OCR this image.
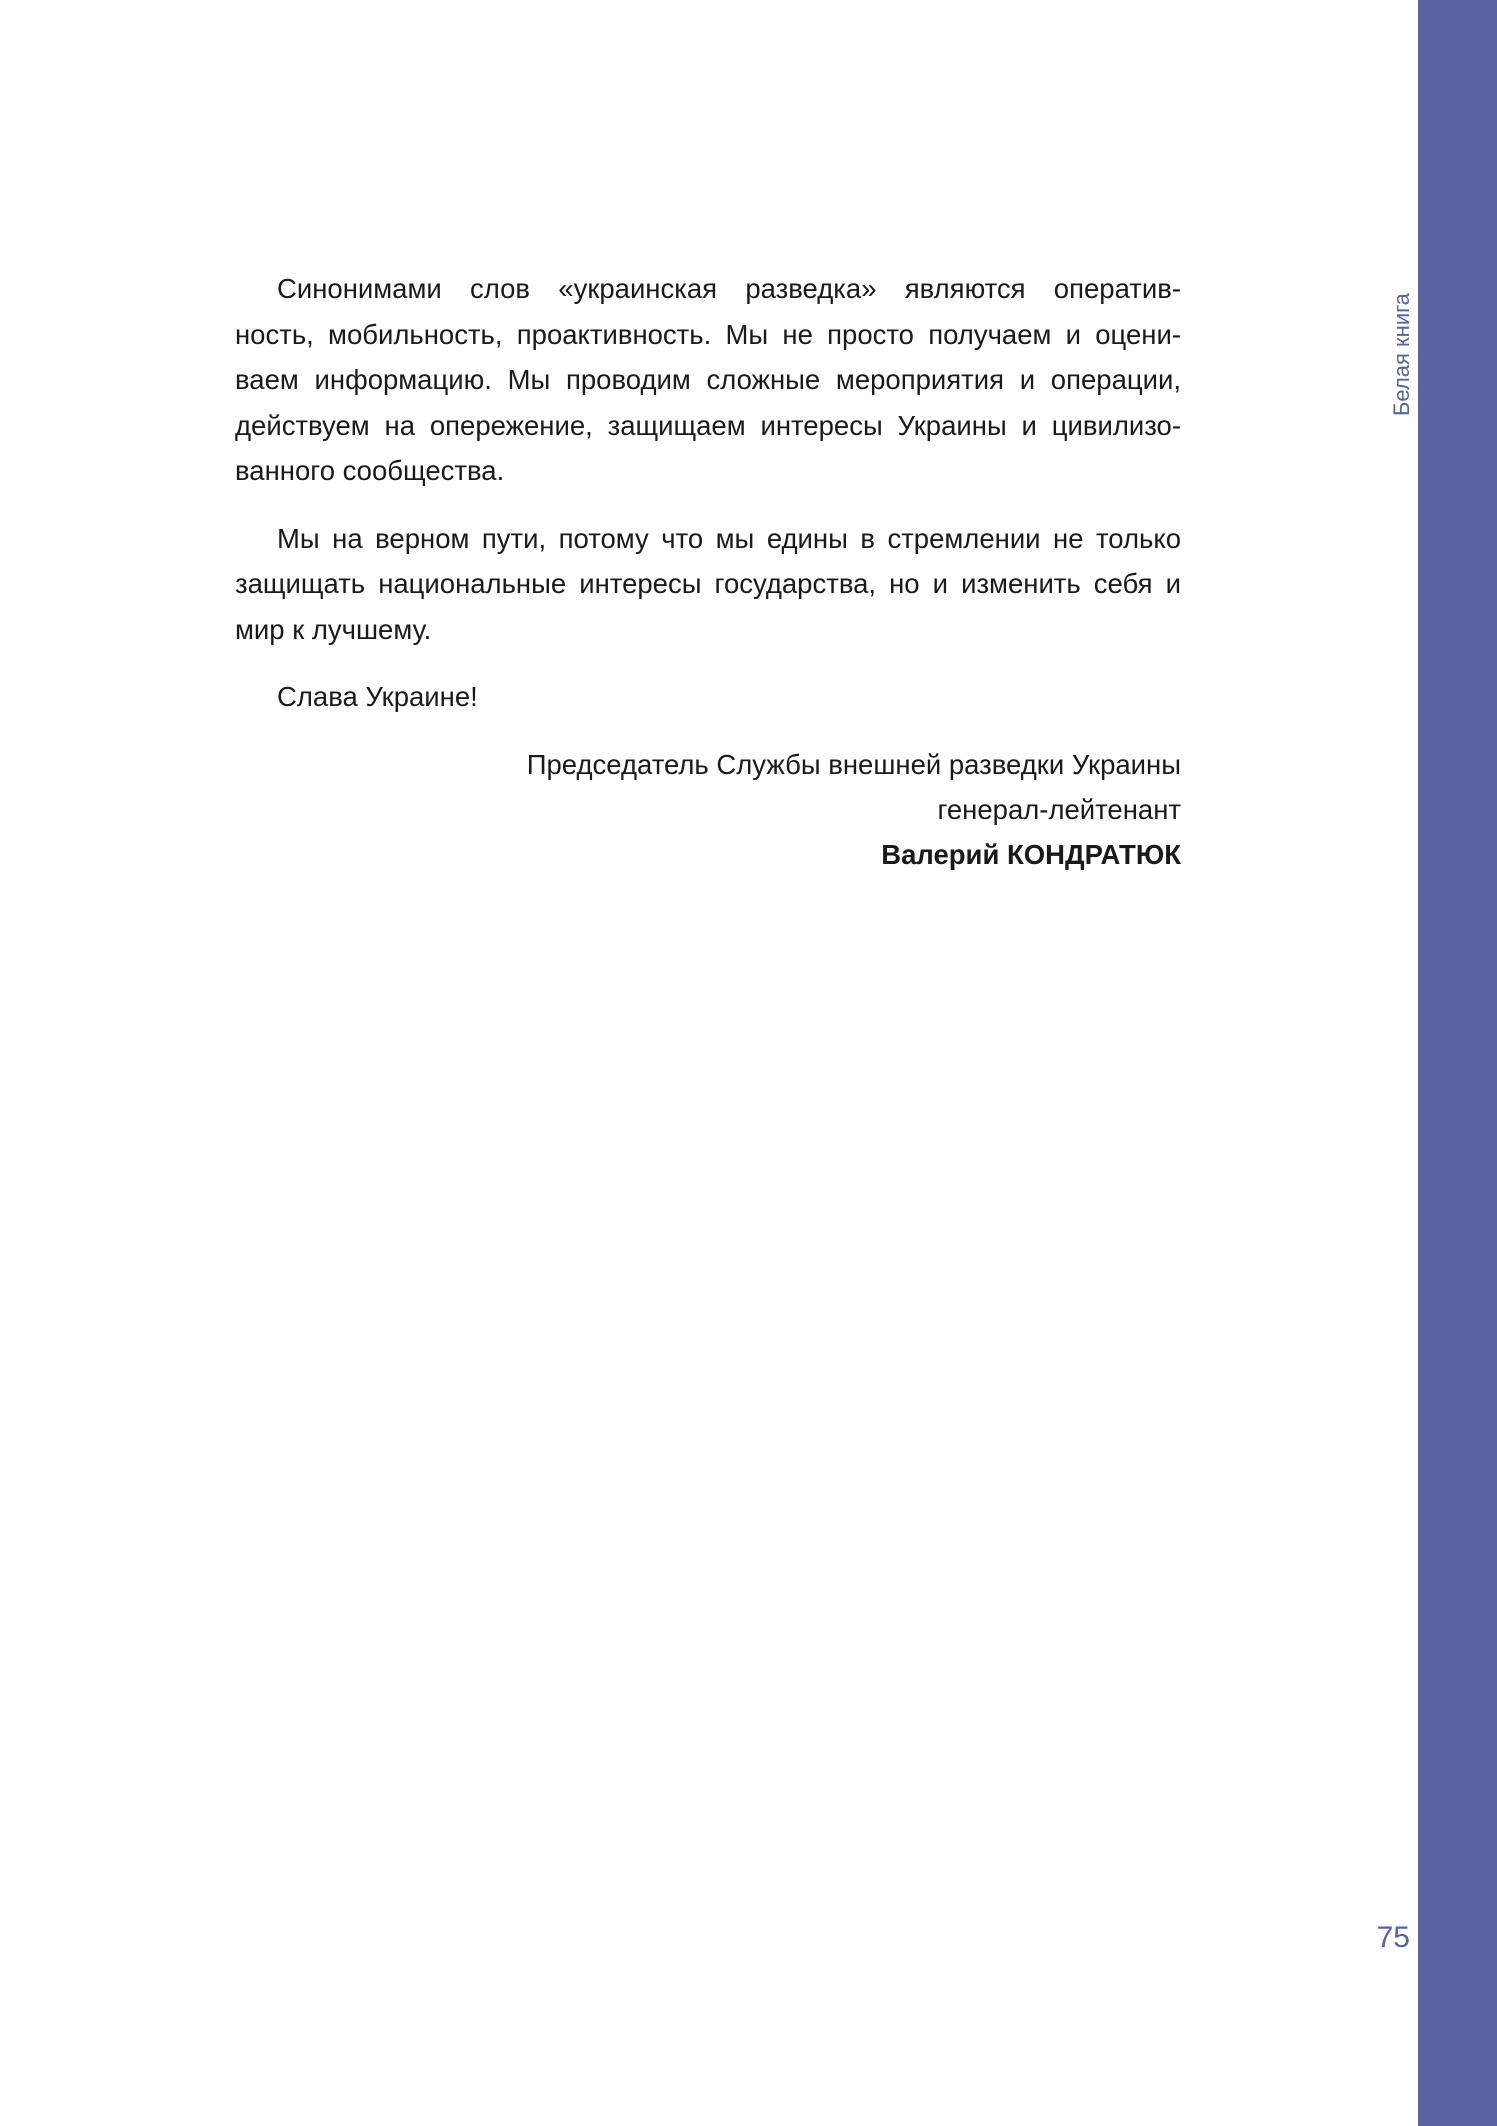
Белая книга
75
Синонимами слов «украинская разведка» являются оператив-
ность, мобильность, проактивность. Мы не просто получаем и оцени-
ваем информацию. Мы проводим сложные мероприятия и операции,
действуем на опережение, защищаем интересы Украины и цивилизо-
ванного сообщества.
Мы на верном пути, потому что мы едины в стремлении не только
защищать национальные интересы государства, но и изменить себя и
мир к лучшему.
Слава Украине!
Председатель Службы внешней разведки Украины
генерал-лейтенант
Валерий КОНДРАТЮК
